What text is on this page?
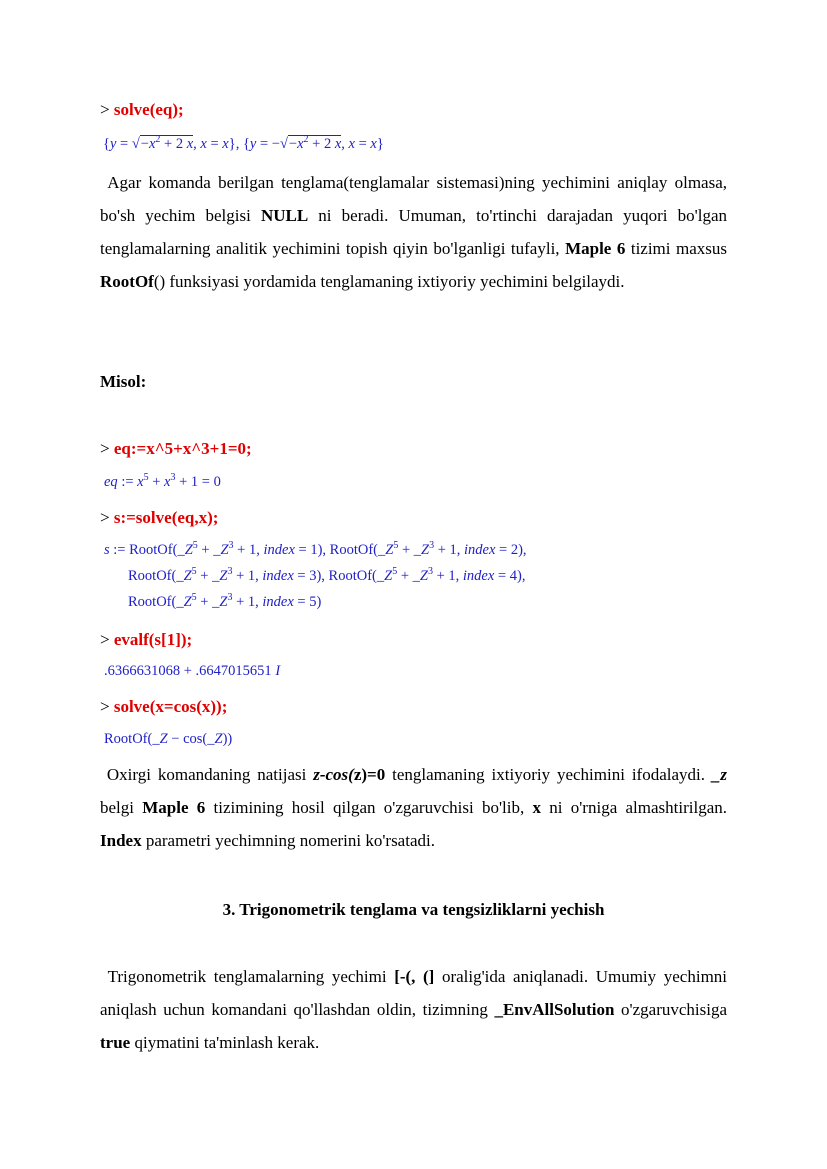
> solve(eq);
{$y = √-x^2 + 2$ x, x = x}, {$y = -√-x^2 + 2$ x, x = x}
Agar komanda berilgan tenglama(tenglamalar sistemasi)ning yechimini aniqlay olmasa, bo'sh yechim belgisi NULL ni beradi. Umuman, to'rtinchi darajadan yuqori bo'lgan tenglamalarning analitik yechimini topish qiyin bo'lganligi tufayli, Maple 6 tizimi maxsus RootOf() funksiyasi yordamida tenglamaning ixtiyoriy yechimini belgilaydi.
Misol:
> eq:=x^5+x^3+1=0;
eq := $x^5 + x^3 + 1 = 0$
> s:=solve(eq,x);
s := $RootOf(\_Z^5$ + $\_Z^3 + 1$, index = 1), $RootOf(\_Z^5$ + $\_Z^3 + 1$, index = 2),
$RootOf(\_Z^5$ + $\_Z^3 + 1$, index = 3), $RootOf(\_Z^5$ + $\_Z^3 + 1$, index = 4),
$RootOf(\_Z^5$ + $\_Z^3 + 1$, index = 5)
> evalf(s[1]);
.6366631068 + .6647015651 I
> solve(x=cos(x));
RootOf(_Z − cos(_Z))
Oxirgi komandaning natijasi z-cos(z)=0 tenglamaning ixtiyoriy yechimini ifodalaydi. _z belgi Maple 6 tizimining hosil qilgan o'zgaruvchisi bo'lib, x ni o'rniga almashtirilgan. Index parametri yechimning nomerini ko'rsatadi.
3. Trigonometrik tenglama va tengsizliklarni yechish
Trigonometrik tenglamalarning yechimi [-(, (] oralig'ida aniqlanadi. Umumiy yechimni aniqlash uchun komandani qo'llashdan oldin, tizimning _EnvAllSolution o'zgaruvchisiga true qiymatini ta'minlash kerak.
